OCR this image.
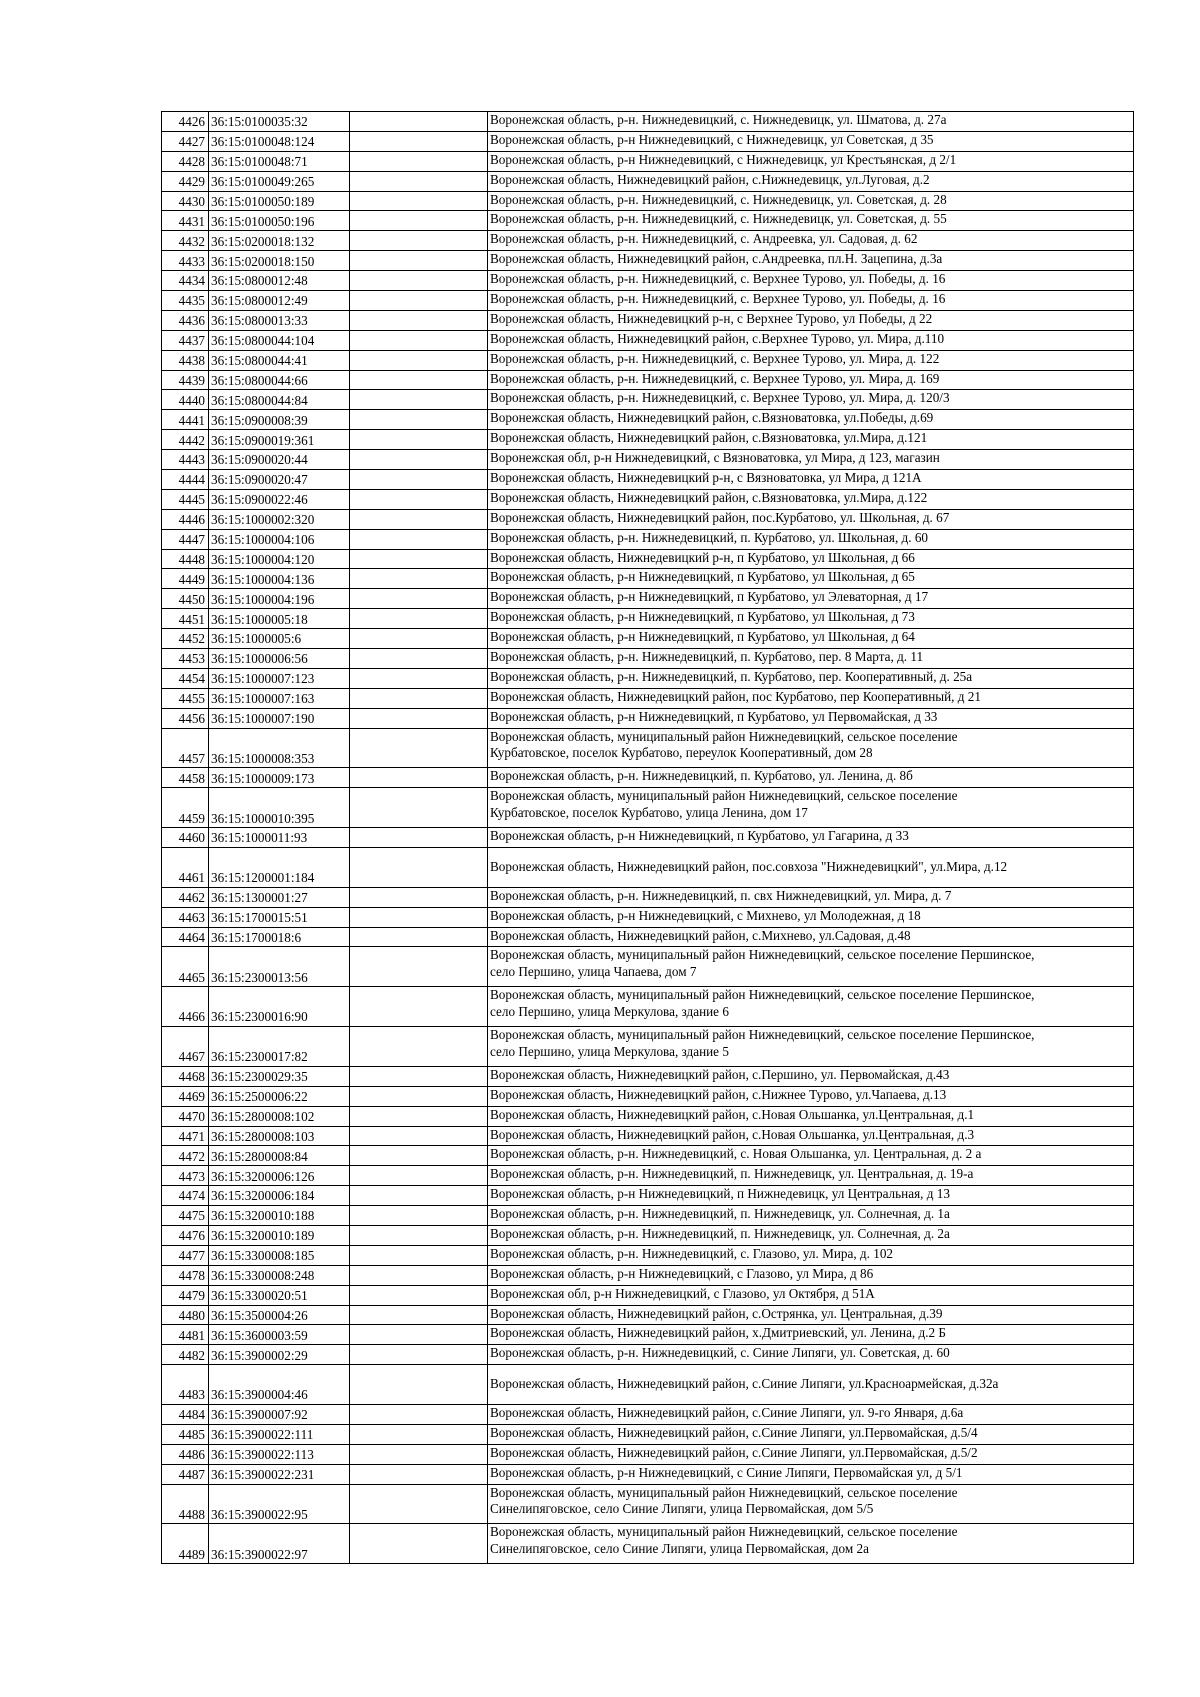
4426	36:15:0100035:32		Воронежская область, р-н. Нижнедевицкий, с. Нижнедевицк, ул. Шматова, д. 27а
4427	36:15:0100048:124		Воронежская область, р-н Нижнедевицкий, с Нижнедевицк, ул Советская, д 35
4428	36:15:0100048:71		Воронежская область, р-н Нижнедевицкий, с Нижнедевицк, ул Крестьянская, д 2/1
4429	36:15:0100049:265		Воронежская область, Нижнедевицкий район, с.Нижнедевицк, ул.Луговая, д.2
4430	36:15:0100050:189		Воронежская область, р-н. Нижнедевицкий, с. Нижнедевицк, ул. Советская, д. 28
4431	36:15:0100050:196		Воронежская область, р-н. Нижнедевицкий, с. Нижнедевицк, ул. Советская, д. 55
4432	36:15:0200018:132		Воронежская область, р-н. Нижнедевицкий, с. Андреевка, ул. Садовая, д. 62
4433	36:15:0200018:150		Воронежская область, Нижнедевицкий район, с.Андреевка, пл.Н. Зацепина, д.3а
4434	36:15:0800012:48		Воронежская область, р-н. Нижнедевицкий, с. Верхнее Турово, ул. Победы, д. 16
4435	36:15:0800012:49		Воронежская область, р-н. Нижнедевицкий, с. Верхнее Турово, ул. Победы, д. 16
4436	36:15:0800013:33		Воронежская область, Нижнедевицкий р-н, с Верхнее Турово, ул Победы, д 22
4437	36:15:0800044:104		Воронежская область, Нижнедевицкий район, с.Верхнее Турово, ул. Мира, д.110
4438	36:15:0800044:41		Воронежская область, р-н. Нижнедевицкий, с. Верхнее Турово, ул. Мира, д. 122
4439	36:15:0800044:66		Воронежская область, р-н. Нижнедевицкий, с. Верхнее Турово, ул. Мира, д. 169
4440	36:15:0800044:84		Воронежская область, р-н. Нижнедевицкий, с. Верхнее Турово, ул. Мира, д. 120/3
4441	36:15:0900008:39		Воронежская область, Нижнедевицкий район, с.Вязноватовка, ул.Победы, д.69
4442	36:15:0900019:361		Воронежская область, Нижнедевицкий район, с.Вязноватовка, ул.Мира, д.121
4443	36:15:0900020:44		Воронежская обл, р-н Нижнедевицкий, с Вязноватовка, ул Мира, д 123, магазин
4444	36:15:0900020:47		Воронежская область, Нижнедевицкий р-н, с Вязноватовка, ул Мира, д 121А
4445	36:15:0900022:46		Воронежская область, Нижнедевицкий район, с.Вязноватовка, ул.Мира, д.122
4446	36:15:1000002:320		Воронежская область, Нижнедевицкий район, пос.Курбатово, ул. Школьная, д. 67
4447	36:15:1000004:106		Воронежская область, р-н. Нижнедевицкий, п. Курбатово, ул. Школьная, д. 60
4448	36:15:1000004:120		Воронежская область, Нижнедевицкий р-н, п Курбатово, ул Школьная, д 66
4449	36:15:1000004:136		Воронежская область, р-н Нижнедевицкий, п Курбатово, ул Школьная, д 65
4450	36:15:1000004:196		Воронежская область, р-н Нижнедевицкий, п Курбатово, ул Элеваторная, д 17
4451	36:15:1000005:18		Воронежская область, р-н Нижнедевицкий, п Курбатово, ул Школьная, д 73
4452	36:15:1000005:6		Воронежская область, р-н Нижнедевицкий, п Курбатово, ул Школьная, д 64
4453	36:15:1000006:56		Воронежская область, р-н. Нижнедевицкий, п. Курбатово, пер. 8 Марта, д. 11
4454	36:15:1000007:123		Воронежская область, р-н. Нижнедевицкий, п. Курбатово, пер. Кооперативный, д. 25а
4455	36:15:1000007:163		Воронежская область, Нижнедевицкий район, пос Курбатово, пер Кооперативный, д 21
4456	36:15:1000007:190		Воронежская область, р-н Нижнедевицкий, п Курбатово, ул Первомайская, д 33
4457	36:15:1000008:353		Воронежская область, муниципальный район Нижнедевицкий, сельское поселение
Курбатовское, поселок Курбатово, переулок Кооперативный, дом 28
4458	36:15:1000009:173		Воронежская область, р-н. Нижнедевицкий, п. Курбатово, ул. Ленина, д. 8б
4459	36:15:1000010:395		Воронежская область, муниципальный район Нижнедевицкий, сельское поселение
Курбатовское, поселок Курбатово, улица Ленина, дом 17
4460	36:15:1000011:93		Воронежская область, р-н Нижнедевицкий, п Курбатово, ул Гагарина, д 33
4461	36:15:1200001:184		Воронежская область, Нижнедевицкий район, пос.совхоза "Нижнедевицкий", ул.Мира, д.12
4462	36:15:1300001:27		Воронежская область, р-н. Нижнедевицкий, п. свх Нижнедевицкий, ул. Мира, д. 7
4463	36:15:1700015:51		Воронежская область, р-н Нижнедевицкий, с Михнево, ул Молодежная, д 18
4464	36:15:1700018:6		Воронежская область, Нижнедевицкий район, с.Михнево, ул.Садовая, д.48
4465	36:15:2300013:56		Воронежская область, муниципальный район Нижнедевицкий, сельское поселение Першинское,
село Першино, улица Чапаева, дом 7
4466	36:15:2300016:90		Воронежская область, муниципальный район Нижнедевицкий, сельское поселение Першинское,
село Першино, улица Меркулова, здание 6
4467	36:15:2300017:82		Воронежская область, муниципальный район Нижнедевицкий, сельское поселение Першинское,
село Першино, улица Меркулова, здание 5
4468	36:15:2300029:35		Воронежская область, Нижнедевицкий район, с.Першино, ул. Первомайская, д.43
4469	36:15:2500006:22		Воронежская область, Нижнедевицкий район, с.Нижнее Турово, ул.Чапаева, д.13
4470	36:15:2800008:102		Воронежская область, Нижнедевицкий район, с.Новая Ольшанка, ул.Центральная, д.1
4471	36:15:2800008:103		Воронежская область, Нижнедевицкий район, с.Новая Ольшанка, ул.Центральная, д.3
4472	36:15:2800008:84		Воронежская область, р-н. Нижнедевицкий, с. Новая Ольшанка, ул. Центральная, д. 2 а
4473	36:15:3200006:126		Воронежская область, р-н. Нижнедевицкий, п. Нижнедевицк, ул. Центральная, д. 19-а
4474	36:15:3200006:184		Воронежская область, р-н Нижнедевицкий, п Нижнедевицк, ул Центральная, д 13
4475	36:15:3200010:188		Воронежская область, р-н. Нижнедевицкий, п. Нижнедевицк, ул. Солнечная, д. 1а
4476	36:15:3200010:189		Воронежская область, р-н. Нижнедевицкий, п. Нижнедевицк, ул. Солнечная, д. 2а
4477	36:15:3300008:185		Воронежская область, р-н. Нижнедевицкий, с. Глазово, ул. Мира, д. 102
4478	36:15:3300008:248		Воронежская область, р-н Нижнедевицкий, с Глазово, ул Мира, д 86
4479	36:15:3300020:51		Воронежская обл, р-н Нижнедевицкий, с Глазово, ул Октября, д 51А
4480	36:15:3500004:26		Воронежская область, Нижнедевицкий район, с.Острянка, ул. Центральная, д.39
4481	36:15:3600003:59		Воронежская область, Нижнедевицкий район, х.Дмитриевский, ул. Ленина, д.2 Б
4482	36:15:3900002:29		Воронежская область, р-н. Нижнедевицкий, с. Синие Липяги, ул. Советская, д. 60
4483	36:15:3900004:46		Воронежская область, Нижнедевицкий район, с.Синие Липяги, ул.Красноармейская, д.32а
4484	36:15:3900007:92		Воронежская область, Нижнедевицкий район, с.Синие Липяги, ул. 9-го Января, д.6а
4485	36:15:3900022:111		Воронежская область, Нижнедевицкий район, с.Синие Липяги, ул.Первомайская, д.5/4
4486	36:15:3900022:113		Воронежская область, Нижнедевицкий район, с.Синие Липяги, ул.Первомайская, д.5/2
4487	36:15:3900022:231		Воронежская область, р-н Нижнедевицкий, с Синие Липяги, Первомайская ул, д 5/1
4488	36:15:3900022:95		Воронежская область, муниципальный район Нижнедевицкий, сельское поселение
Синелипяговское, село Синие Липяги, улица Первомайская, дом 5/5
4489	36:15:3900022:97		Воронежская область, муниципальный район Нижнедевицкий, сельское поселение
Синелипяговское, село Синие Липяги, улица Первомайская, дом 2а
